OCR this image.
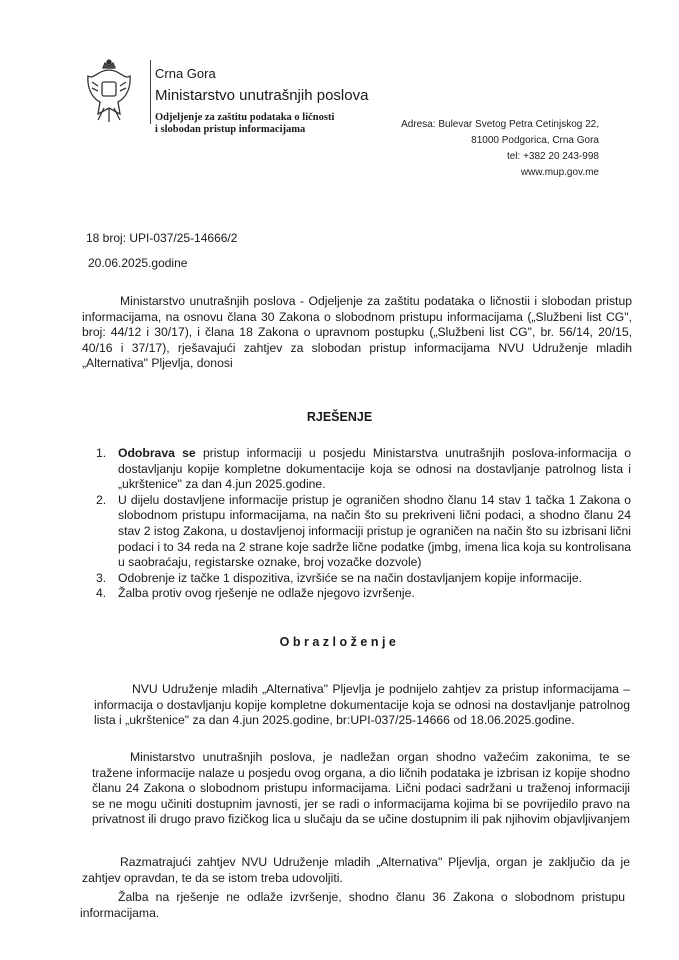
Crna Gora
Ministarstvo unutrašnjih poslova
Odjeljenje za zaštitu podataka o ličnosti
i slobodan pristup informacijama	Adresa: Bulevar Svetog Petra Cetinjskog 22,
81000 Podgorica, Crna Gora
tel: +382 20 243-998
www.mup.gov.me
18 broj: UPI-037/25-14666/2
20.06.2025.godine
Ministarstvo unutrašnjih poslova - Odjeljenje za zaštitu podataka o ličnostii i slobodan pristup informacijama, na osnovu člana 30 Zakona o slobodnom pristupu informacijama („Službeni list CG", broj: 44/12 i 30/17), i člana 18 Zakona o upravnom postupku („Službeni list CG", br. 56/14, 20/15, 40/16 i 37/17), rješavajući zahtjev za slobodan pristup informacijama NVU Udruženje mladih „Alternativa" Pljevlja, donosi
RJEŠENJE
1. Odobrava se pristup informaciji u posjedu Ministarstva unutrašnjih poslova-informacija o dostavljanju kopije kompletne dokumentacije koja se odnosi na dostavljanje patrolnog lista i „ukrštenice" za dan 4.jun 2025.godine.
2. U dijelu dostavljene informacije pristup je ograničen shodno članu 14 stav 1 tačka 1 Zakona o slobodnom pristupu informacijama, na način što su prekriveni lični podaci, a shodno članu 24 stav 2 istog Zakona, u dostavljenoj informaciji pristup je ograničen na način što su izbrisani lični podaci i to 34 reda na 2 strane koje sadrže lične podatke (jmbg, imena lica koja su kontrolisana u saobraćaju, registarske oznake, broj vozačke dozvole)
3. Odobrenje iz tačke 1 dispozitiva, izvršiće se na način dostavljanjem kopije informacije.
4. Žalba protiv ovog rješenje ne odlaže njegovo izvršenje.
Obrazloženje
NVU Udruženje mladih „Alternativa" Pljevlja je podnijelo zahtjev za pristup informacijama – informacija o dostavljanju kopije kompletne dokumentacije koja se odnosi na dostavljanje patrolnog lista i „ukrštenice" za dan 4.jun 2025.godine, br:UPI-037/25-14666 od 18.06.2025.godine.
Ministarstvo unutrašnjih poslova, je nadležan organ shodno važećim zakonima, te se tražene informacije nalaze u posjedu ovog organa, a dio ličnih podataka je izbrisan iz kopije shodno članu 24 Zakona o slobodnom pristupu informacijama. Lični podaci sadržani u traženoj informaciji se ne mogu učiniti dostupnim javnosti, jer se radi o informacijama kojima bi se povrijedilo pravo na privatnost ili drugo pravo fizičkog lica u slučaju da se učine dostupnim ili pak njihovim objavljivanjem
Razmatrajući zahtjev NVU Udruženje mladih „Alternativa" Pljevlja, organ je zaključio da je zahtjev opravdan, te da se istom treba udovoljiti.
Žalba na rješenje ne odlaže izvršenje, shodno članu 36 Zakona o slobodnom pristupu informacijama.
